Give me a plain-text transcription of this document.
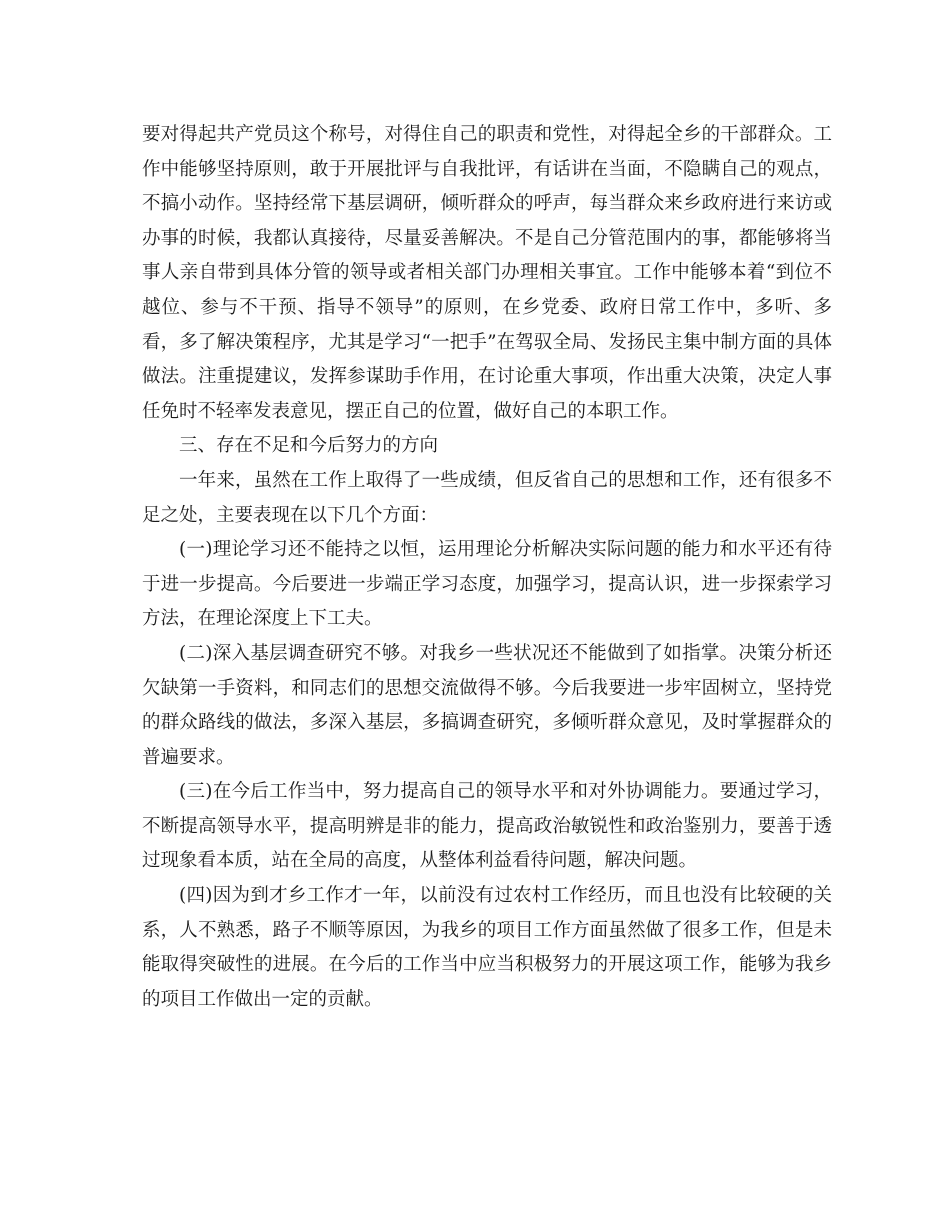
要对得起共产党员这个称号，对得住自己的职责和党性，对得起全乡的干部群众。工作中能够坚持原则，敢于开展批评与自我批评，有话讲在当面，不隐瞒自己的观点，不搞小动作。坚持经常下基层调研，倾听群众的呼声，每当群众来乡政府进行来访或办事的时候，我都认真接待，尽量妥善解决。不是自己分管范围内的事，都能够将当事人亲自带到具体分管的领导或者相关部门办理相关事宜。工作中能够本着“到位不越位、参与不干预、指导不领导”的原则，在乡党委、政府日常工作中，多听、多看，多了解决策程序，尤其是学习“一把手”在驾驭全局、发扬民主集中制方面的具体做法。注重提建议，发挥参谋助手作用，在讨论重大事项，作出重大决策，决定人事任免时不轻率发表意见，摆正自己的位置，做好自己的本职工作。

三、存在不足和今后努力的方向

一年来，虽然在工作上取得了一些成绩，但反省自己的思想和工作，还有很多不足之处，主要表现在以下几个方面：

(一)理论学习还不能持之以恒，运用理论分析解决实际问题的能力和水平还有待于进一步提高。今后要进一步端正学习态度，加强学习，提高认识，进一步探索学习方法，在理论深度上下工夫。

(二)深入基层调查研究不够。对我乡一些状况还不能做到了如指掌。决策分析还欠缺第一手资料，和同志们的思想交流做得不够。今后我要进一步牢固树立，坚持党的群众路线的做法，多深入基层，多搞调查研究，多倾听群众意见，及时掌握群众的普遍要求。

(三)在今后工作当中，努力提高自己的领导水平和对外协调能力。要通过学习，不断提高领导水平，提高明辨是非的能力，提高政治敏锐性和政治鉴别力，要善于透过现象看本质，站在全局的高度，从整体利益看待问题，解决问题。

(四)因为到才乡工作才一年，以前没有过农村工作经历，而且也没有比较硬的关系，人不熟悉，路子不顺等原因，为我乡的项目工作方面虽然做了很多工作，但是未能取得突破性的进展。在今后的工作当中应当积极努力的开展这项工作，能够为我乡的项目工作做出一定的贡献。
